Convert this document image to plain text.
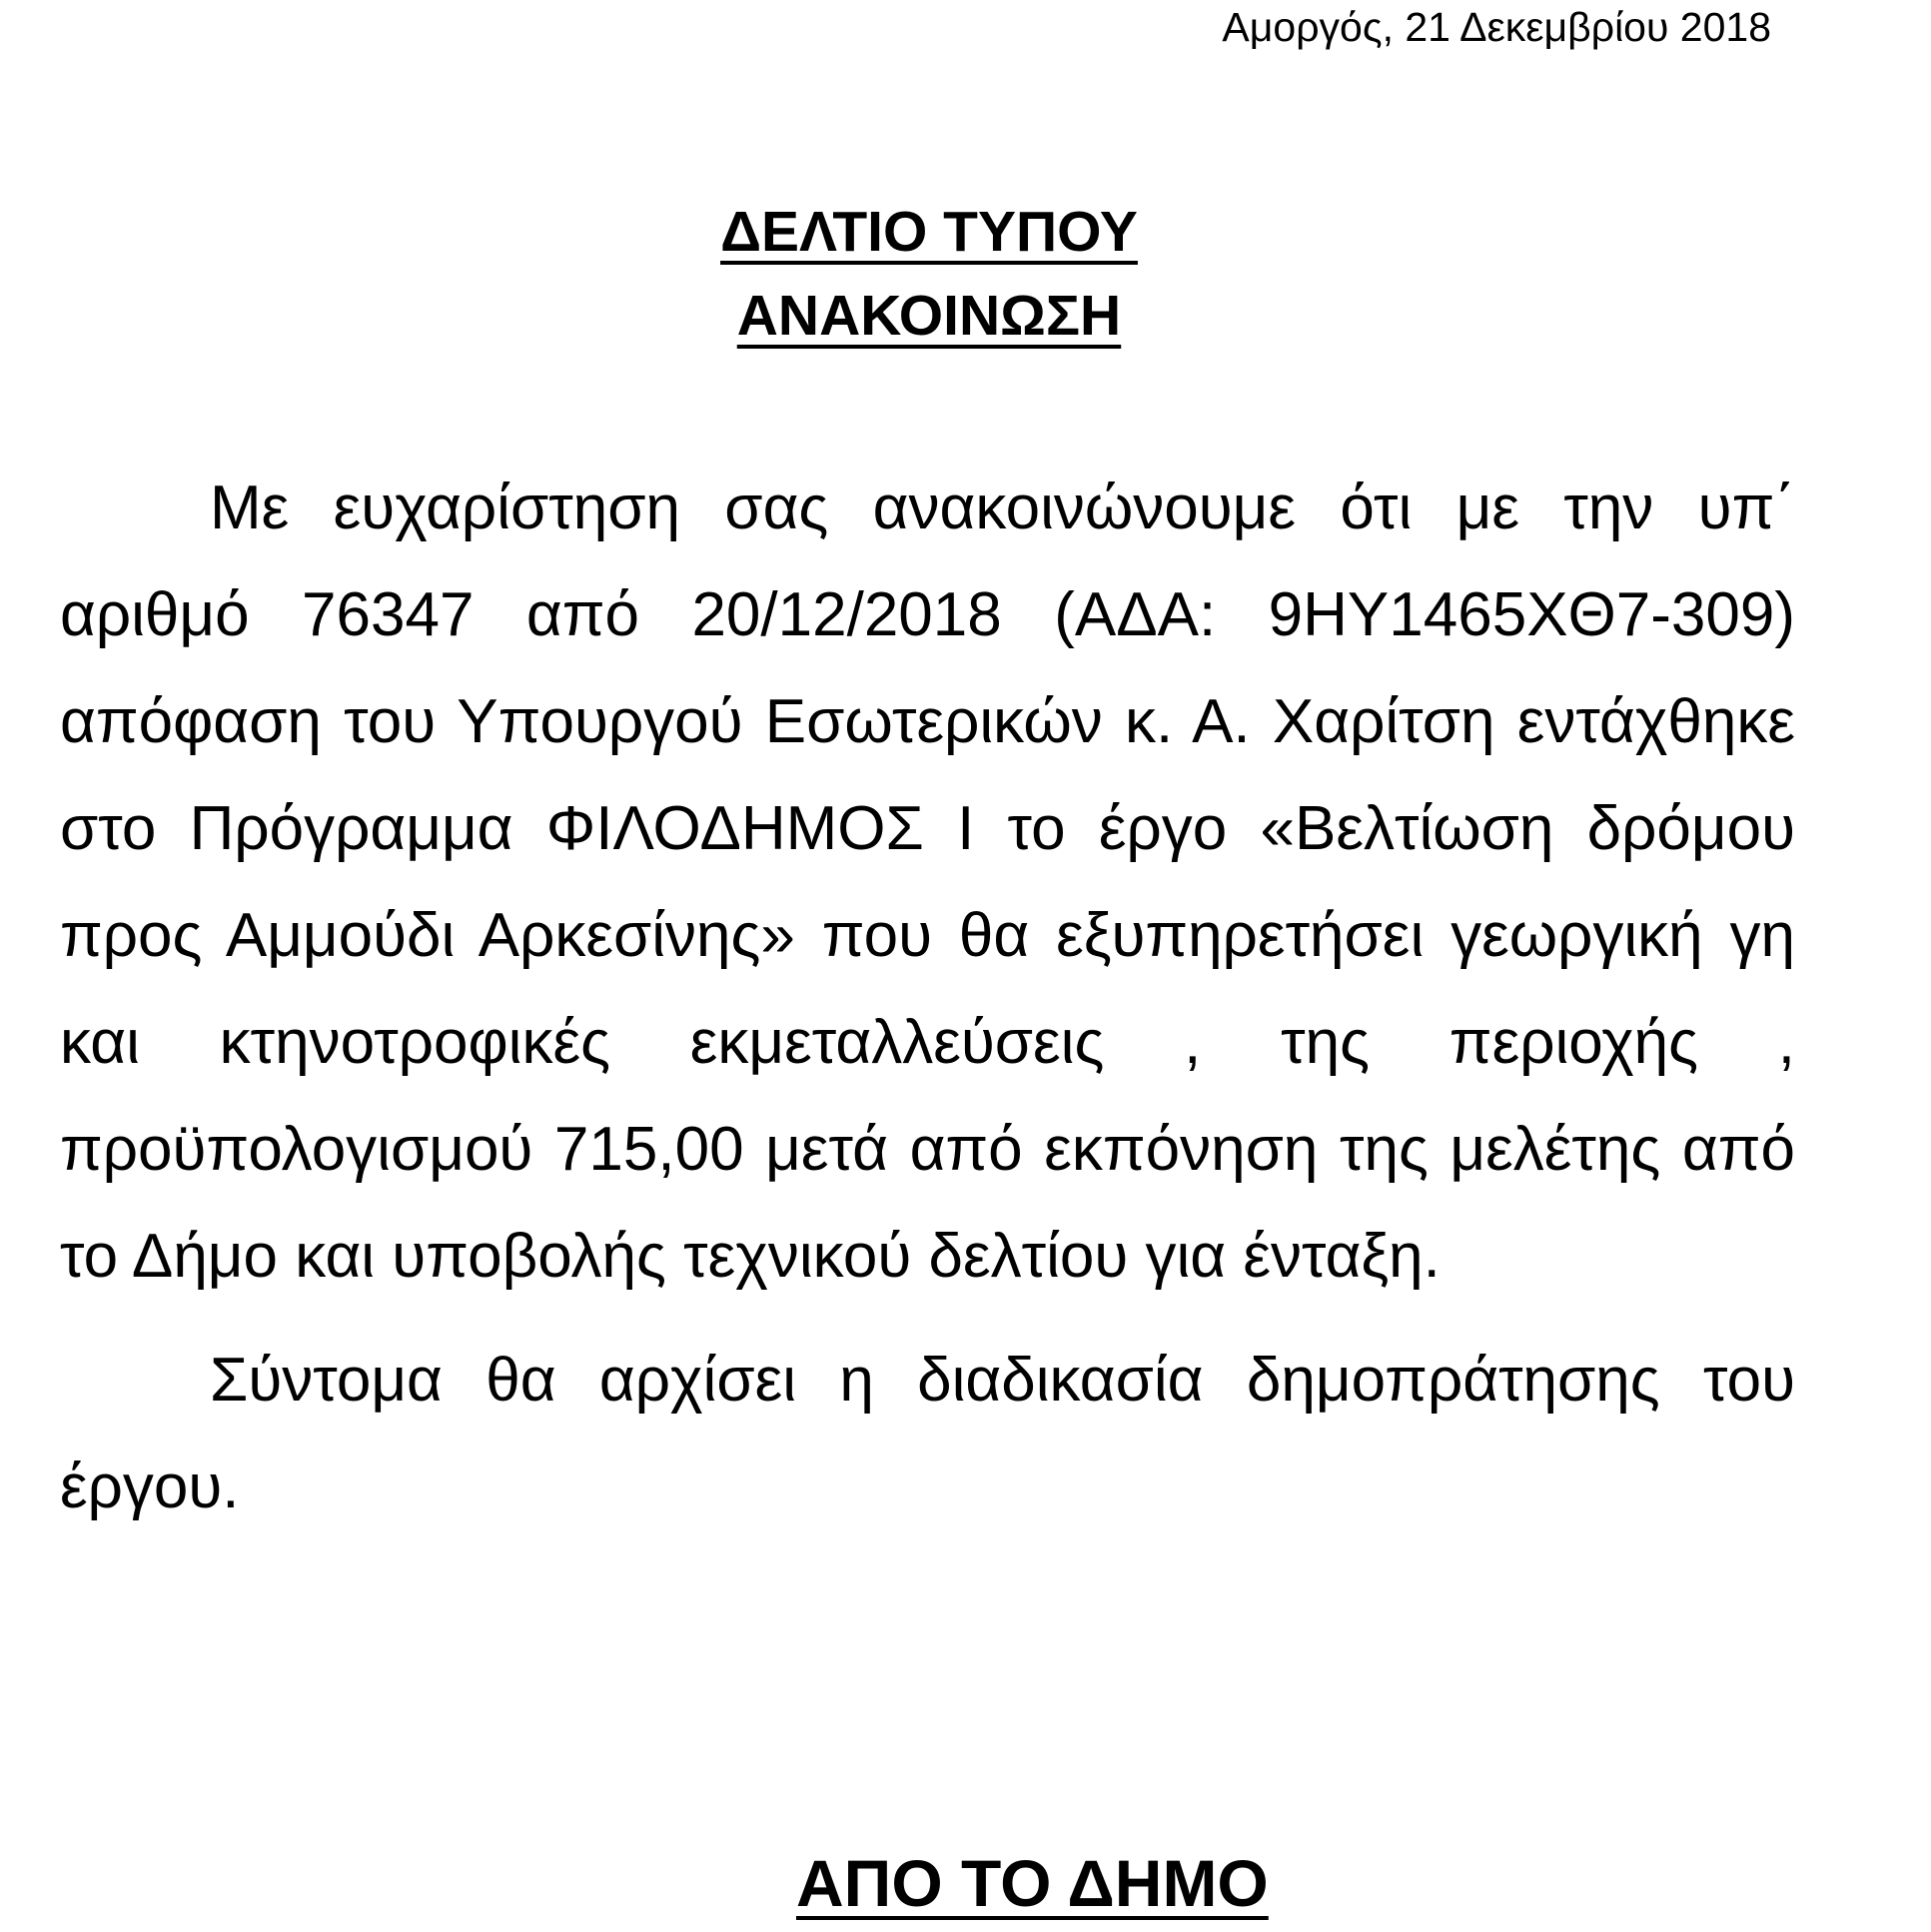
Αμοργός, 21 Δεκεμβρίου 2018
ΔΕΛΤΙΟ ΤΥΠΟΥ
ΑΝΑΚΟΙΝΩΣΗ

Με ευχαρίστηση σας ανακοινώνουμε ότι με την υπ΄ αριθμό 76347 από 20/12/2018 (ΑΔΑ: 9ΗΥ1465ΧΘ7-309) απόφαση του Υπουργού Εσωτερικών κ. Α. Χαρίτση εντάχθηκε στο Πρόγραμμα ΦΙΛΟΔΗΜΟΣ Ι το έργο «Βελτίωση δρόμου προς Αμμούδι Αρκεσίνης» που θα εξυπηρετήσει γεωργική γη και κτηνοτροφικές εκμεταλλεύσεις , της περιοχής , προϋπολογισμού 715,00 μετά από εκπόνηση της μελέτης από το Δήμο και υποβολής τεχνικού δελτίου για ένταξη.

Σύντομα θα αρχίσει η διαδικασία δημοπράτησης του έργου.

ΑΠΟ ΤΟ ΔΗΜΟ
